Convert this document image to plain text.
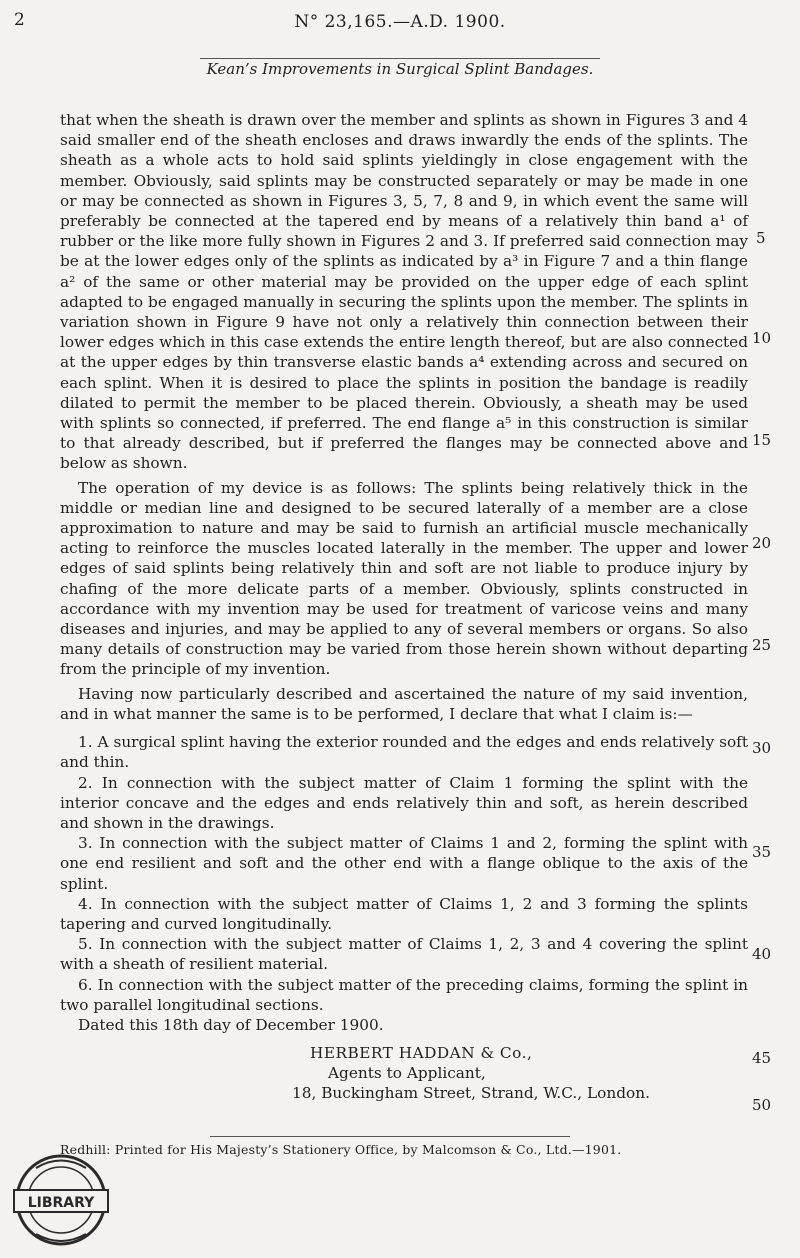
2	N° 23,165.—A.D. 1900.
Kean’s Improvements in Surgical Splint Bandages.

that when the sheath is drawn over the member and splints as shown in Figures 3 and 4 said smaller end of the sheath encloses and draws inwardly the ends of the splints. The sheath as a whole acts to hold said splints yieldingly in close engagement with the member. Obviously, said splints may be constructed separately or may be made in one or may be connected as shown in Figures 3, 5, 7, 8 and 9, in which event the same will preferably be connected at the tapered end by means of a relatively thin band a¹ of rubber or the like more fully shown in Figures 2 and 3. If preferred said connection may be at the lower edges only of the splints as indicated by a³ in Figure 7 and a thin flange a² of the same or other material may be provided on the upper edge of each splint adapted to be engaged manually in securing the splints upon the member. The splints in variation shown in Figure 9 have not only a relatively thin connection between their lower edges which in this case extends the entire length thereof, but are also connected at the upper edges by thin transverse elastic bands a⁴ extending across and secured on each splint. When it is desired to place the splints in position the bandage is readily dilated to permit the member to be placed therein. Obviously, a sheath may be used with splints so connected, if preferred. The end flange a⁵ in this construction is similar to that already described, but if preferred the flanges may be connected above and below as shown.

The operation of my device is as follows: The splints being relatively thick in the middle or median line and designed to be secured laterally of a member are a close approximation to nature and may be said to furnish an artificial muscle mechanically acting to reinforce the muscles located laterally in the member. The upper and lower edges of said splints being relatively thin and soft are not liable to produce injury by chafing of the more delicate parts of a member. Obviously, splints constructed in accordance with my invention may be used for treatment of varicose veins and many diseases and injuries, and may be applied to any of several members or organs. So also many details of construction may be varied from those herein shown without departing from the principle of my invention.

Having now particularly described and ascertained the nature of my said invention, and in what manner the same is to be performed, I declare that what I claim is:—

1. A surgical splint having the exterior rounded and the edges and ends relatively soft and thin.

2. In connection with the subject matter of Claim 1 forming the splint with the interior concave and the edges and ends relatively thin and soft, as herein described and shown in the drawings.

3. In connection with the subject matter of Claims 1 and 2, forming the splint with one end resilient and soft and the other end with a flange oblique to the axis of the splint.

4. In connection with the subject matter of Claims 1, 2 and 3 forming the splints tapering and curved longitudinally.

5. In connection with the subject matter of Claims 1, 2, 3 and 4 covering the splint with a sheath of resilient material.

6. In connection with the subject matter of the preceding claims, forming the splint in two parallel longitudinal sections.

Dated this 18th day of December 1900.

HERBERT HADDAN & Co.,
Agents to Applicant,
18, Buckingham Street, Strand, W.C., London.
5
10
15
20
25
30
35
40
45
50
Redhill: Printed for His Majesty’s Stationery Office, by Malcomson & Co., Ltd.—1901.
LIBRARY
